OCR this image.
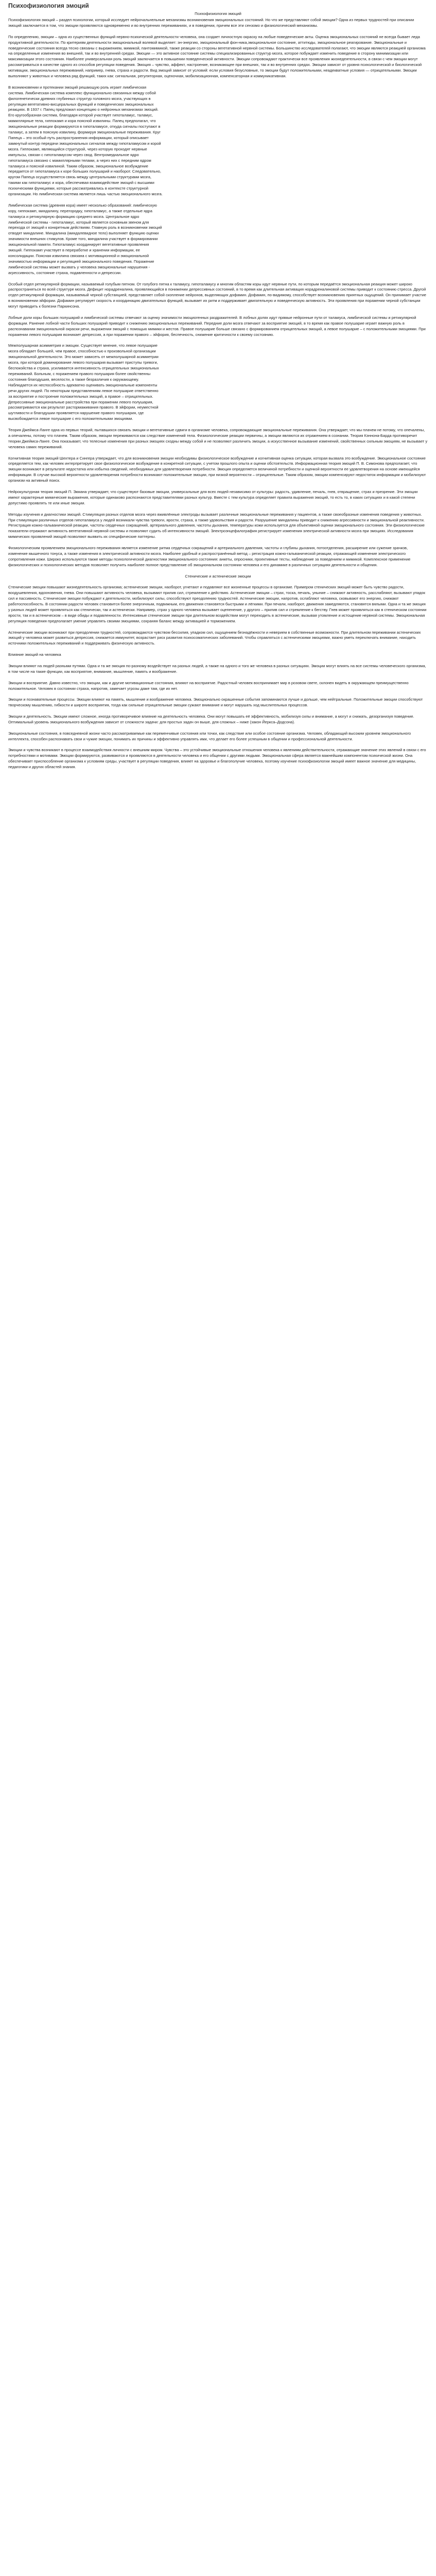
Психофизиология эмоций
Психофизиология эмоций

Психофизиология эмоций – раздел психологии, который исследует нейрочальнельные механизмы возникновения эмоциональных состояний. Но что же представляют собой эмоции? Одна из первых трудностей при описании эмоций заключается в том, что эмоции проявляются одновременно и во внутренних переживаниях, и в поведении, причем все эти сензомо и физиологический механизмы.

По определению, эмоции – одна из существенных функций нервно-психической деятельности человека, она создает личностную окраску на любые поведенческие акты. Оценка эмоциональных состояний не всегда бывает леда продуктивной деятельности. По критериям деятельности эмоциональный волевой выделяет: эн-энергию, эмоциональный фон-ника,эмоциональное состояние, аттитюды, эмоциональное реагирование. Эмоциональные и поведенческие состояния всегда тесно связаны с выражением, мимикой, пантомимикой, также реакции со стороны вегетативной нервной системы. Большинство исследователей полагают, что эмоции являются реакцией организма на определенные изменения во внешней, так и во внутренней средах. Эмоции — это активное состояние системы специализированных структур мозга, которое побуждает изменить поведение в сторону минимизации или максимизации этого состояния. Наиболее универсальная роль эмоций заключается в повышении поведенческой активности. Эмоции сопровождают практически все проявления жизнедеятельности, в связи с чем эмоции могут рассматриваться в качестве одного из способов регуляции поведения. Эмоция – чувство, аффект, настроение, возникающее при внешних, так и во внутренних средах. Эмоции зависят от уровня психологической и биологической мотивации, эмоциональных переживаний, например, гнева, страха и радости. Вид эмоций зависит от условий: если условия безусловные, то эмоции будут положительными, неадекватные условия — отрицательными. Эмоции выполняют у животных и человека ряд функций, таких как: сигнальная, регуляторная, оценочная, мобилизационная, компенсаторная и коммуникативная.

В возникновении и протекании эмоций решающую роль играет лимбическая система. Лимбическая система комплекс функционально связанных между собой филогенетически древних глубинных структур головного мозга, участвующих в регуляции вегетативно-висцеральных функций и поведенческих эмоциональных реакциях. В 1937 г. Папец предложил концепцию о нейронных механизмах эмоций. Его кругообразная система, благодаря которой участвует гипоталамус, таламус, мамиллярные тела, гиппокамп и кора поясной извилины. Папец предполагал, что эмоциональные реакции формируются в гипоталамусе, откуда сигналы поступают в таламус, а затем в поясную извилину, формируя эмоциональные переживания. Круг Папеца – это особый путь распространения информации, который описывает замкнутый контур передачи эмоциональных сигналов между гипоталамусом и корой мозга. Гиппокамп, являющийся структурой, через которую проходят нервные импульсы, связан с гипоталамусом через свод. Вентромедиальное ядро гипоталамуса связано с мамиллярными телами, а через них с передним ядром таламуса и поясной извилиной. Таким образом, эмоциональное возбуждение передается от гипоталамуса к коре больших полушарий и наоборот. Следовательно, кругом Папеца осуществляется связь между центральными структурами мозга, такими как гипоталамус и кора, обеспечивая взаимодействие эмоций с высшими психическими функциями, которые рассматривались в контексте структурной организации. Но лимбическая система является лишь частью эмоционального мозга.

Лимбическая система (древняя кора) имеет несколько образований: лимбическую кору, гиппокамп, миндалину, перегородку, гипоталамус, а также отдельные ядра таламуса и ретикулярную формацию среднего мозга. Центральное ядро лимбической системы - гипоталамус, который является основным звеном для перехода от эмоций к конкретным действиям. Главную роль в возникновении эмоций отводят миндалине. Миндалина (миндалевидное тело) выполняет функцию оценки значимости внешних стимулов. Кроме того, миндалина участвует в формировании эмоциональной памяти. Гипоталамус координирует вегетативные проявления эмоций. Гиппокамп участвует в переработке и хранении информации, ее консолидации. Поясная извилина связана с мотивационной и эмоциональной значимостью информации и регуляцией эмоционального поведения. Поражение лимбической системы может вызвать у человека эмоциональные нарушения - агрессивность, состояние страха, подавленности и депрессии.

Особый отдел ретикулярной формации, называемый голубым пятном. От голубого пятна к таламусу, гипоталамусу и многим областям коры идут нервные пути, по которым передаётся эмоциональная реакция может широко распространяться по всей структуре мозга. Дефицит норадреналина, проявляющийся в понижении депрессивных состояний, в то время как длительная активация норадреналиновой системы приводит к состоянию стресса. Другой отдел ретикулярной формации, называемый черной субстанцией, представляет собой скопление нейронов, выделяющих дофамин. Дофамин, по-видимому, способствует возникновению приятных ощущений. Он принимает участие в возникновении эйфории. Дофамин регулирует скорость и координацию двигательных функций, вызывает их ритм и поддерживает двигательную и поведенческую активность. Эти проявления при поражении черной субстанции могут приводить к болезни Паркинсона.

Лобные доли коры больших полушарий и лимбической системы отвечают за оценку значимости эмоциогенных раздражителей. В лобных долях идут прямые нейронные пути от таламуса, лимбической системы и ретикулярной формации. Ранение лобной части больших полушарий приводит к снижению эмоциональных переживаний. Передние доли мозга отвечают за восприятие эмоций, в то время как правое полушарие играет важную роль в распознавании эмоциональной окраски речи, выражении эмоций с помощью мимики и жестов. Правое полушарие больше связано с формированием отрицательных эмоций, а левое полушарие – с положительными эмоциями. При поражении левого полушария возникает депрессия, а при поражении правого – эйфория, беспечность, снижение критичности к своему состоянию.

Межполушарная асимметрия и эмоции. Существует мнение, что левое полушарие мозга обладает большей, чем правое, способностью к произвольной организации эмоциональной деятельности. Это может зависеть от межполушарной асимметрии мозга, при которой доминирование левого полушария вызывает приступы тревоги, беспокойства и страха, усиливается интенсивность отрицательных эмоциональных переживаний. Больным, с поражением правого полушария более свойственны состояния благодушия, веселости, а также безразличия к окружающему. Наблюдается их неспособность адекватно оценивать эмоциональные компоненты речи других людей. По некоторым представлениям левое полушарие ответственно за восприятие и построение положительных эмоций, а правое – отрицательных. Депрессивные эмоциональные расстройства при поражении левого полушария, рассматриваются как результат растормаживания правого. В эйфории, неуместной шутливости и благодушии проявляется нарушение правого полушария, где высвобождается левое полушарие с его положительными эмоциями.

Теория Джеймса-Ланге одна из первых теорий, пытавшихся связать эмоции и вегетативные сдвиги в организме человека, сопровождающие эмоциональные переживания. Она утверждает, что мы плачем не потому, что опечалены, а опечалены, потому что плачем. Таким образом, эмоции переживаются как следствие изменений тела. Физиологические реакции первичны, а эмоции являются их отражением в сознании. Теория Кэннона-Барда противоречит теории Джеймса-Ланге. Она показывает, что телесные изменения при разных эмоциях сходны между собой и не позволяют различить эмоции, а искусственное вызывание изменений, свойственных сильным эмоциям, не вызывает у человека самих переживаний.

Когнитивная теория эмоций Шехтера и Сингера утверждает, что для возникновения эмоции необходимы физиологическое возбуждение и когнитивная оценка ситуации, которая вызвала это возбуждение. Эмоциональное состояние определяется тем, как человек интерпретирует свое физиологическое возбуждение в конкретной ситуации, с учетом прошлого опыта и оценки обстоятельств. Информационная теория эмоций П. В. Симонова предполагает, что эмоции возникают в результате недостатка или избытка сведений, необходимых для удовлетворения потребности. Эмоция определяется величиной потребности и оценкой вероятности ее удовлетворения на основе имеющейся информации. В случае высокой вероятности удовлетворения потребности возникают положительные эмоции, при низкой вероятности – отрицательные. Таким образом, эмоции компенсируют недостаток информации и мобилизуют организм на активный поиск.

Нейрокультурная теория эмоций П. Экмана утверждает, что существуют базовые эмоции, универсальные для всех людей независимо от культуры: радость, удивление, печаль, гнев, отвращение, страх и презрение. Эти эмоции имеют характерные мимические выражения, которые одинаково распознаются представителями разных культур. Вместе с тем культура определяет правила выражения эмоций, то есть то, в каких ситуациях и в какой степени допустимо проявлять те или иные эмоции.

Методы изучения и диагностики эмоций. Стимуляция разных отделов мозга через вживлённые электроды вызывает различные эмоциональные переживания у пациентов, а также своеобразные изменения поведения у животных. При стимуляции различных отделов гипоталамуса у людей возникали чувства тревоги, ярости, страха, а также удовольствия и радости. Разрушение миндалины приводит к снижению агрессивности и эмоциональной реактивности. Регистрация кожно-гальванической реакции, частоты сердечных сокращений, артериального давления, частоты дыхания, температуры кожи используется для объективной оценки эмоционального состояния. Эти физиологические показатели отражают активность вегетативной нервной системы и позволяют судить об интенсивности эмоций. Электроэнцефалография регистрирует изменения электрической активности мозга при эмоциях. Исследования мимических проявлений эмоций позволяют выявить их специфические паттерны.

Физиологическим проявлением эмоционального переживания является изменение ритма сердечных сокращений и артериального давления, частоты и глубины дыхания, потоотделения, расширение или сужение зрачков, изменение мышечного тонуса, а также изменения в электрической активности мозга. Наиболее удобный и распространённый метод – регистрация кожно-гальванической реакции, отражающей изменение электрического сопротивления кожи. Широко используются также методы психологической диагностики эмоционального состояния: анкеты, опросники, проективные тесты, наблюдение за поведением и мимикой. Комплексное применение физиологических и психологических методов позволяет получить наиболее полное представление об эмоциональном состоянии человека и его динамике в различных ситуациях деятельности и общения.

Стенические и астенические эмоции

Стенические эмоции повышают жизнедеятельность организма; астенические эмоции, наоборот, угнетают и подавляют все жизненные процессы в организме. Примером стенических эмоций может быть чувство радости, воодушевления, вдохновения, гнева. Они повышают активность человека, вызывают прилив сил, стремление к действию. Астенические эмоции – страх, тоска, печаль, уныние – снижают активность, расслабляют, вызывают упадок сил и пассивность. Стенические эмоции побуждают к деятельности, мобилизуют силы, способствуют преодолению трудностей. Астенические эмоции, напротив, ослабляют человека, сковывают его энергию, снижают работоспособность. В состоянии радости человек становится более энергичным, подвижным, его движения становятся быстрыми и лёгкими. При печали, наоборот, движения замедляются, становятся вялыми. Одна и та же эмоция у разных людей может проявляться как стенически, так и астенически. Например, страх у одного человека вызывает оцепенение, у другого – прилив сил и стремление к бегству. Гнев может проявляться как в стеническом состоянии ярости, так и в астеническом – в виде обиды и подавленности. Интенсивные стенические эмоции при длительном воздействии могут переходить в астенические, вызывая утомление и истощение нервной системы. Эмоциональная регуляция поведения предполагает умение управлять своими эмоциями, сохраняя баланс между активацией и торможением.

Астенические эмоции возникают при преодолении трудностей, сопровождаются чувством бессилия, упадком сил, ощущением безнадёжности и неверием в собственные возможности. При длительном переживании астенических эмоций у человека может развиться депрессия, снижается иммунитет, возрастает риск развития психосоматических заболеваний. Чтобы справляться с астеническими эмоциями, важно уметь переключать внимание, находить источники положительных переживаний и поддерживать физическую активность.

Влияние эмоций на человека

Эмоции влияют на людей разными путями. Одна и та же эмоция по-разному воздействует на разных людей, а также на одного и того же человека в разных ситуациях. Эмоции могут влиять на все системы человеческого организма, в том числе на такие функции, как восприятие, внимание, мышление, память и воображение.

Эмоции и восприятие. Давно известно, что эмоции, как и другие мотивационные состояния, влияют на восприятие. Радостный человек воспринимает мир в розовом свете, склонен видеть в окружающем преимущественно положительное. Человек в состоянии страха, напротив, замечает угрозы даже там, где их нет.

Эмоции и познавательные процессы. Эмоции влияют на память, мышление и воображение человека. Эмоционально окрашенные события запоминаются лучше и дольше, чем нейтральные. Положительные эмоции способствуют творческому мышлению, гибкости и широте восприятия, тогда как сильные отрицательные эмоции сужают внимание и могут нарушать ход мыслительных процессов.

Эмоции и деятельность. Эмоции имеют сложное, иногда противоречивое влияние на деятельность человека. Они могут повышать её эффективность, мобилизуя силы и внимание, а могут и снижать, дезорганизуя поведение. Оптимальный уровень эмоционального возбуждения зависит от сложности задачи: для простых задач он выше, для сложных – ниже (закон Йеркса–Додсона).

Эмоциональные состояния, в повседневной жизни часто рассматриваемые как переменчивые состояния или точки, как следствие или особое состояние организма. Человек, обладающий высоким уровнем эмоционального интеллекта, способен распознавать свои и чужие эмоции, понимать их причины и эффективно управлять ими, что делает его более успешным в общении и профессиональной деятельности.

Эмоции и чувства возникают в процессе взаимодействия личности с внешним миром. Чувства – это устойчивые эмоциональные отношения человека к явлениям действительности, отражающие значение этих явлений в связи с его потребностями и мотивами. Эмоции формируются, развиваются и проявляются в деятельности человека и его общении с другими людьми. Эмоциональная сфера является важнейшим компонентом психической жизни. Она обеспечивает приспособление организма к условиям среды, участвует в регуляции поведения, влияет на здоровье и благополучие человека, поэтому изучение психофизиологии эмоций имеет важное значение для медицины, педагогики и других областей знания.
